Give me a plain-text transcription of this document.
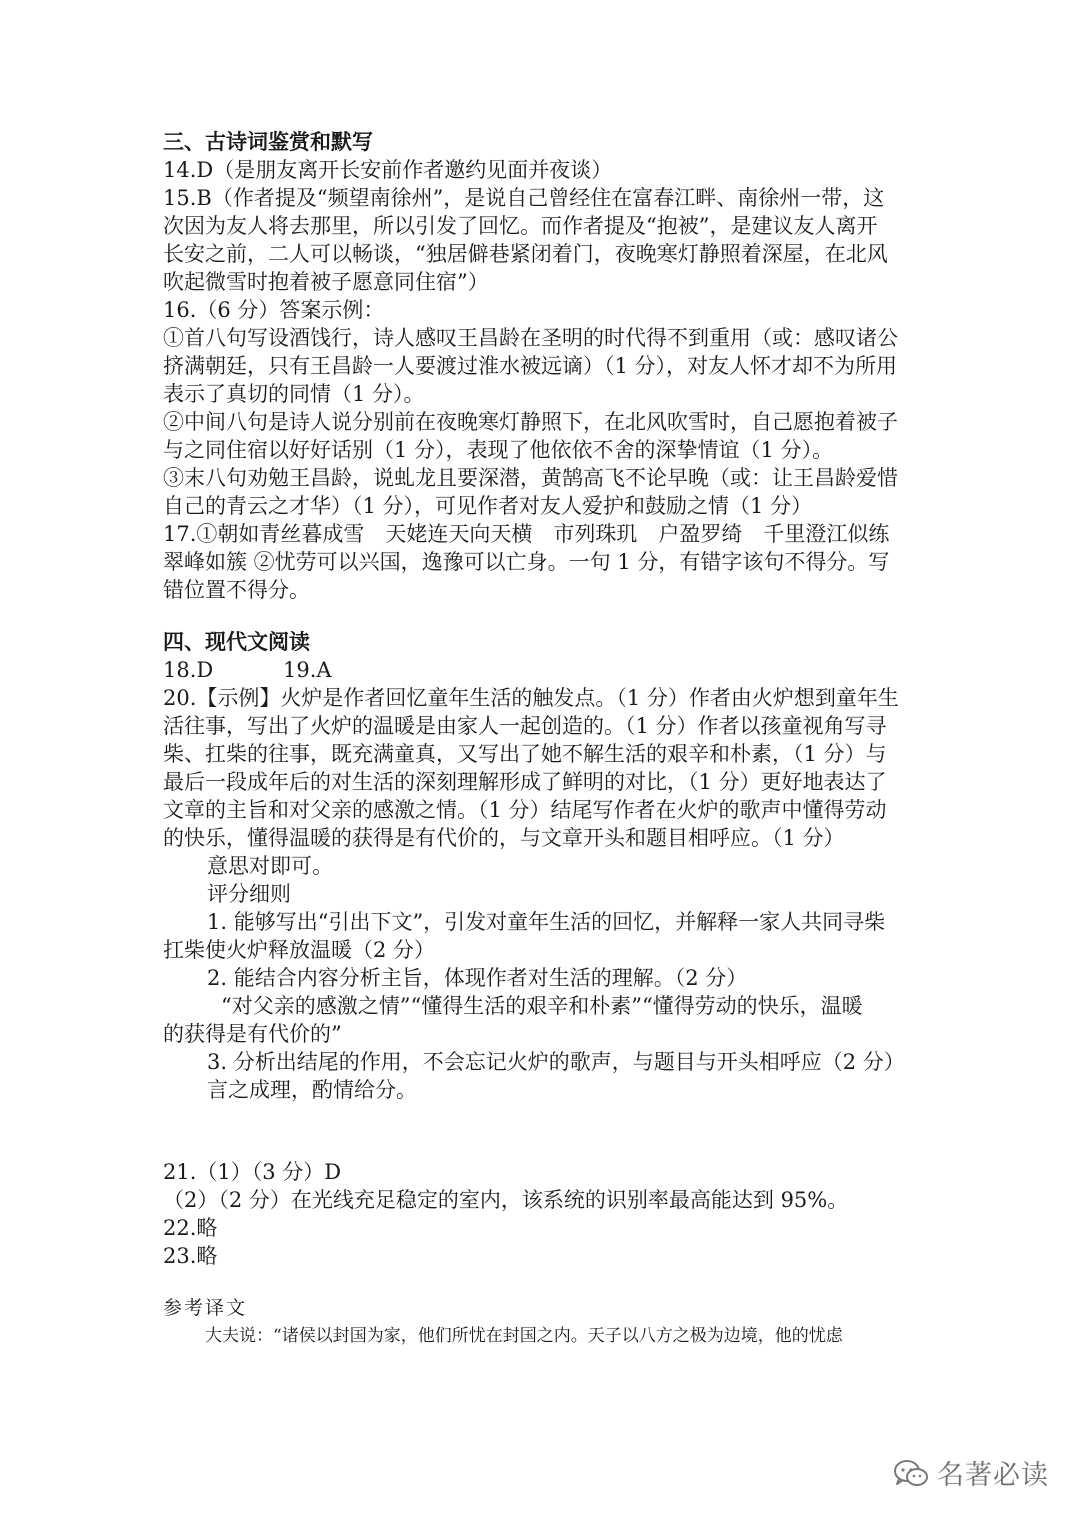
三、古诗词鉴赏和默写
14.D（是朋友离开长安前作者邀约见面并夜谈）
15.B（作者提及“频望南徐州”，是说自己曾经住在富春江畔、南徐州一带，这
次因为友人将去那里，所以引发了回忆。而作者提及“抱被”，是建议友人离开
长安之前，二人可以畅谈，“独居僻巷紧闭着门，夜晚寒灯静照着深屋，在北风
吹起微雪时抱着被子愿意同住宿”）
16.（6 分）答案示例：
①首八句写设酒饯行，诗人感叹王昌龄在圣明的时代得不到重用（或：感叹诸公
挤满朝廷，只有王昌龄一人要渡过淮水被远谪）（1 分），对友人怀才却不为所用
表示了真切的同情（1 分）。
②中间八句是诗人说分别前在夜晚寒灯静照下，在北风吹雪时，自己愿抱着被子
与之同住宿以好好话别（1 分），表现了他依依不舍的深挚情谊（1 分）。
③末八句劝勉王昌龄，说虬龙且要深潜，黄鹄高飞不论早晚（或：让王昌龄爱惜
自己的青云之才华）（1 分），可见作者对友人爱护和鼓励之情（1 分）
17.①朝如青丝暮成雪　天姥连天向天横　市列珠玑　户盈罗绮　千里澄江似练
翠峰如簇 ②忧劳可以兴国，逸豫可以亡身。一句 1 分，有错字该句不得分。写
错位置不得分。
四、现代文阅读
18.D	19.A
20.【示例】火炉是作者回忆童年生活的触发点。（1 分）作者由火炉想到童年生
活往事，写出了火炉的温暖是由家人一起创造的。（1 分）作者以孩童视角写寻
柴、扛柴的往事，既充满童真，又写出了她不解生活的艰辛和朴素，（1 分）与
最后一段成年后的对生活的深刻理解形成了鲜明的对比，（1 分）更好地表达了
文章的主旨和对父亲的感激之情。（1 分）结尾写作者在火炉的歌声中懂得劳动
的快乐，懂得温暖的获得是有代价的，与文章开头和题目相呼应。（1 分）
意思对即可。
评分细则
1. 能够写出“引出下文”，引发对童年生活的回忆，并解释一家人共同寻柴
扛柴使火炉释放温暖（2 分）
2. 能结合内容分析主旨，体现作者对生活的理解。（2 分）
“对父亲的感激之情”“懂得生活的艰辛和朴素”“懂得劳动的快乐，温暖
的获得是有代价的”
3. 分析出结尾的作用，不会忘记火炉的歌声，与题目与开头相呼应（2 分）
言之成理，酌情给分。
21.（1）（3 分）D
（2）（2 分）在光线充足稳定的室内，该系统的识别率最高能达到 95%。
22.略
23.略
参考译文
大夫说：“诸侯以封国为家，他们所忧在封国之内。天子以八方之极为边境，他的忧虑
名著必读
